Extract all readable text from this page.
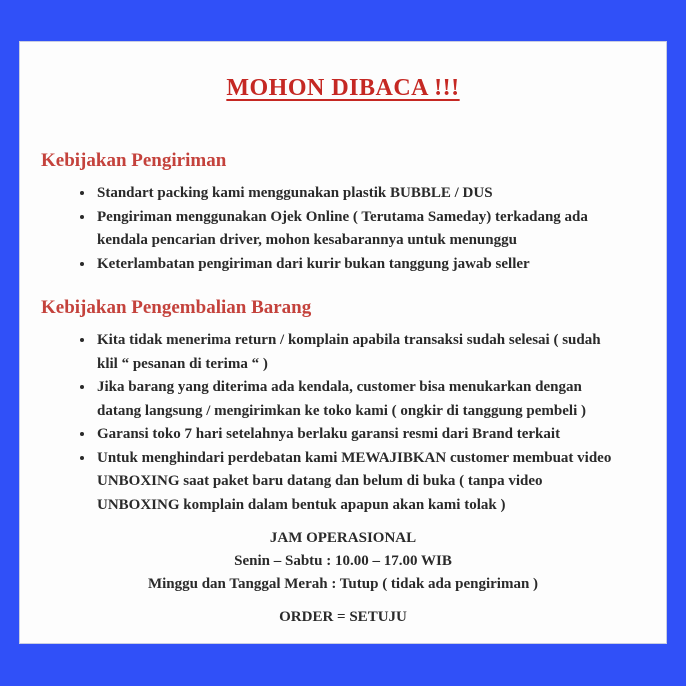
MOHON DIBACA !!!
Kebijakan Pengiriman
• Standart packing kami menggunakan plastik BUBBLE / DUS
• Pengiriman menggunakan Ojek Online ( Terutama Sameday) terkadang ada kendala pencarian driver, mohon kesabarannya untuk menunggu
• Keterlambatan pengiriman dari kurir bukan tanggung jawab seller
Kebijakan Pengembalian Barang
• Kita tidak menerima return / komplain apabila transaksi sudah selesai ( sudah klil “ pesanan di terima “ )
• Jika barang yang diterima ada kendala, customer bisa menukarkan dengan datang langsung / mengirimkan ke toko kami ( ongkir di tanggung pembeli )
• Garansi toko 7 hari setelahnya berlaku garansi resmi dari Brand terkait
• Untuk menghindari perdebatan kami MEWAJIBKAN customer membuat video UNBOXING saat paket baru datang dan belum di buka ( tanpa video UNBOXING komplain dalam bentuk apapun akan kami tolak )

JAM OPERASIONAL

Senin – Sabtu : 10.00 – 17.00 WIB

Minggu dan Tanggal Merah : Tutup ( tidak ada pengiriman )

ORDER = SETUJU
